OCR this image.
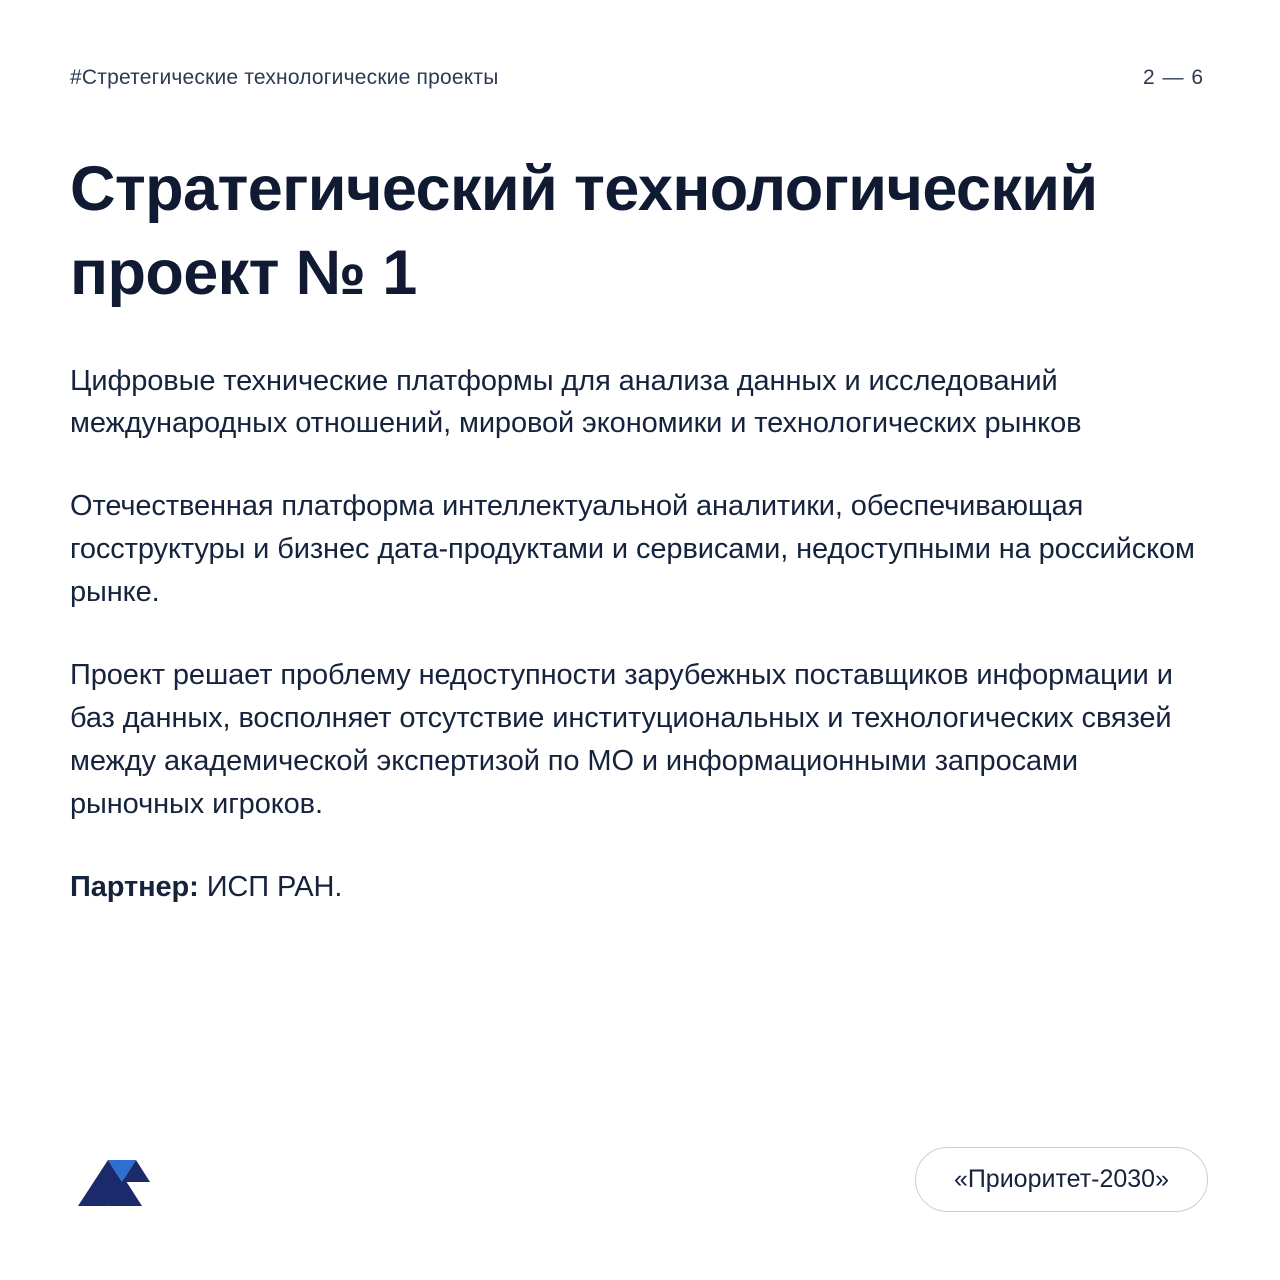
#Стретегические технологические проекты	2 — 6
Стратегический технологический проект № 1

Цифровые технические платформы для анализа данных и исследований международных отношений, мировой экономики и технологических рынков

Отечественная платформа интеллектуальной аналитики, обеспечивающая госструктуры и бизнес дата-продуктами и сервисами, недоступными на российском рынке.

Проект решает проблему недоступности зарубежных поставщиков информации и баз данных, восполняет отсутствие институциональных и технологических связей между академической экспертизой по МО и информационными запросами рыночных игроков.

Партнер: ИСП РАН.

«Приоритет-2030»
